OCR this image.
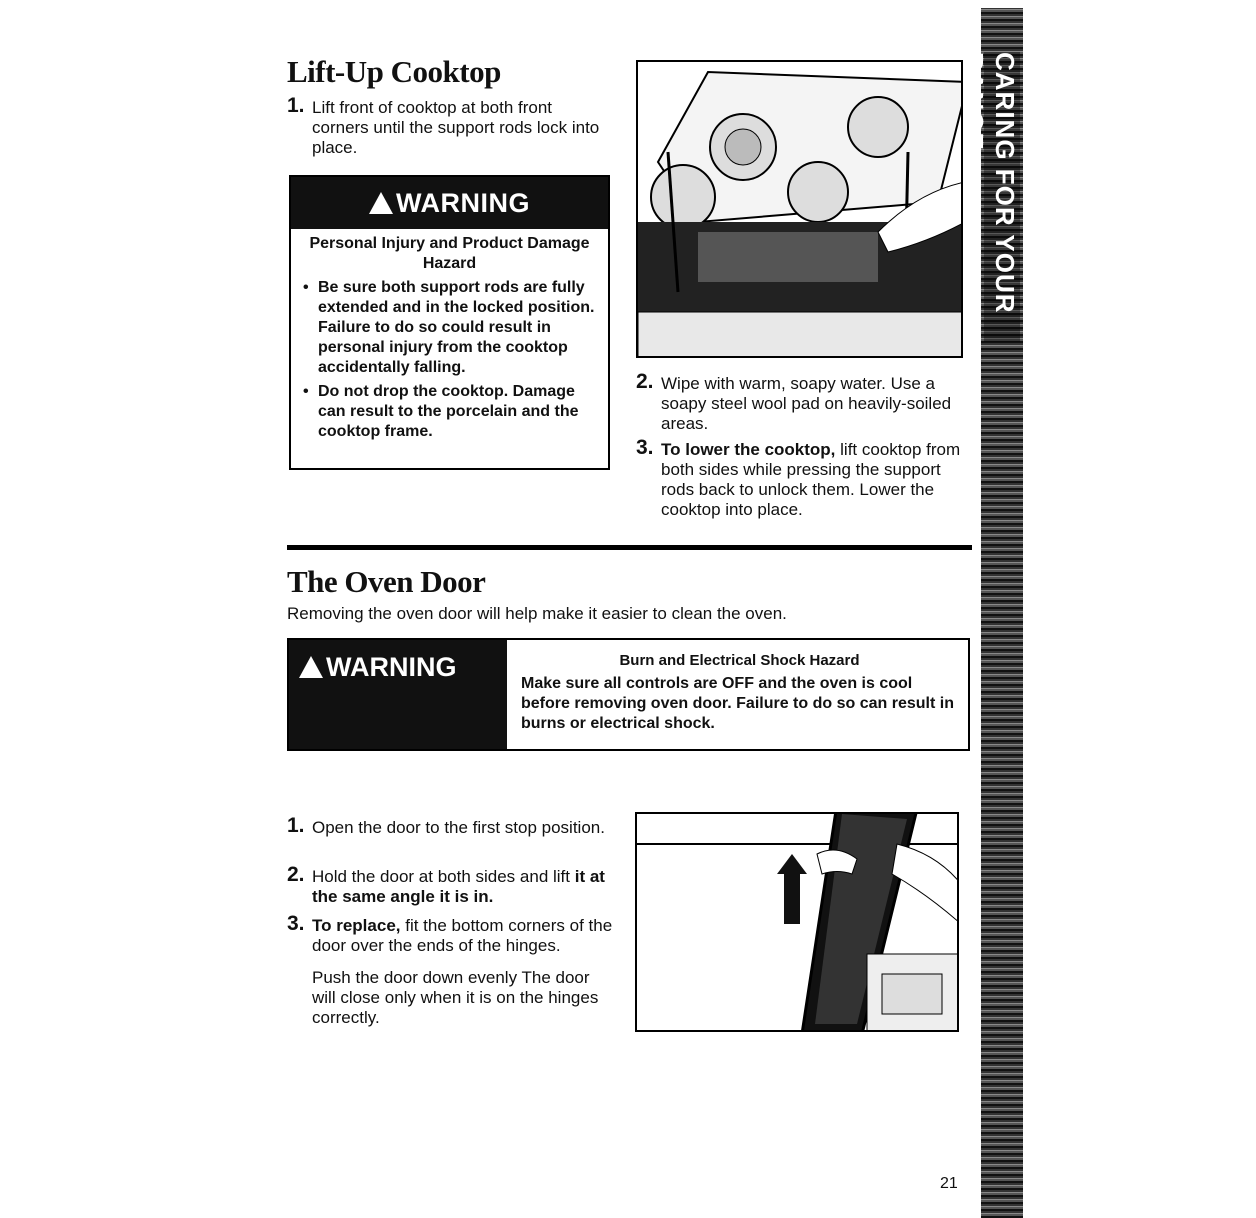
Lift-Up Cooktop
1. Lift front of cooktop at both front corners until the support rods lock into place.
WARNING
Personal Injury and Product Damage Hazard
• Be sure both support rods are fully extended and in the locked position. Failure to do so could result in personal injury from the cooktop accidentally falling.
• Do not drop the cooktop. Damage can result to the porcelain and the cooktop frame.
2. Wipe with warm, soapy water. Use a soapy steel wool pad on heavily-soiled areas.
3. To lower the cooktop, lift cooktop from both sides while pressing the support rods back to unlock them. Lower the cooktop into place.
The Oven Door
Removing the oven door will help make it easier to clean the oven.
WARNING	Burn and Electrical Shock Hazard
Make sure all controls are OFF and the oven is cool before removing oven door. Failure to do so can result in burns or electrical shock.
1. Open the door to the first stop position.
2. Hold the door at both sides and lift it at the same angle it is in.
3. To replace, fit the bottom corners of the door over the ends of the hinges.
Push the door down evenly The door will close only when it is on the hinges correctly.
CARING FOR YOUR RANGE
21
